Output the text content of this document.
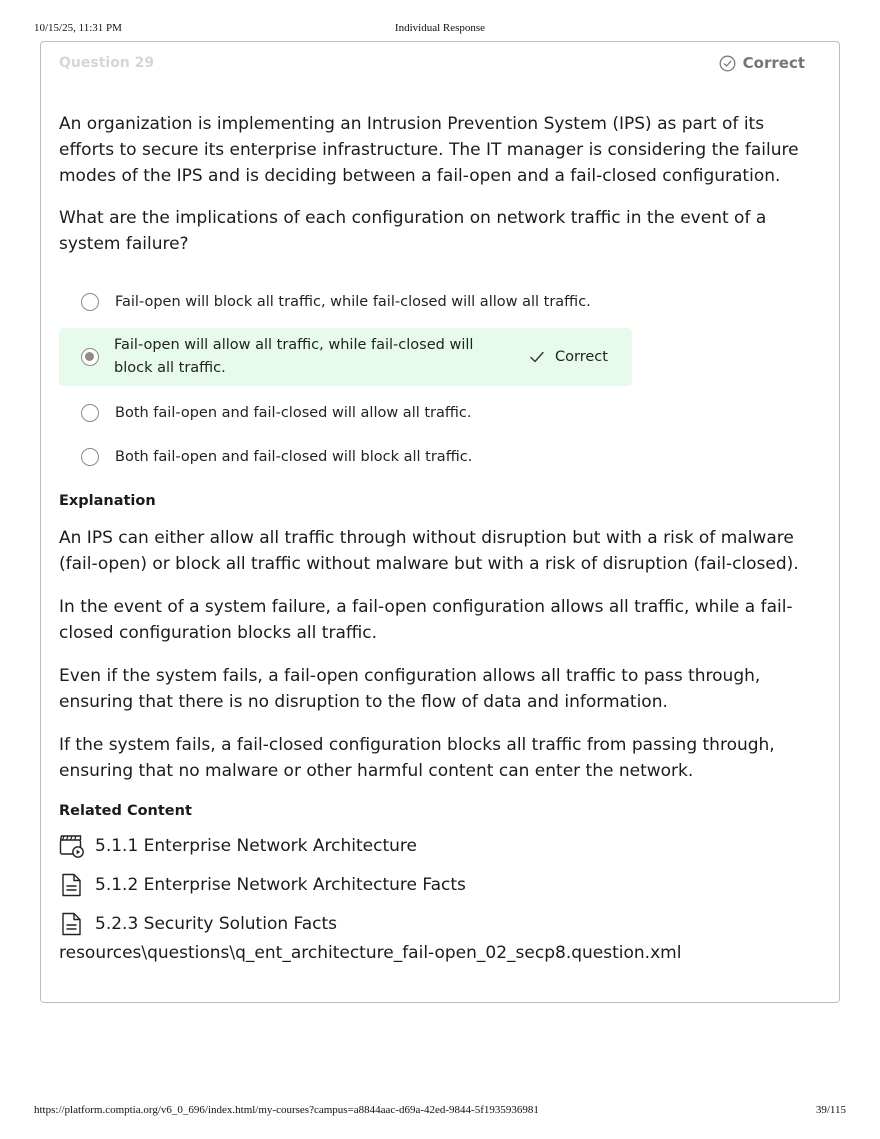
10/15/25, 11:31 PM	Individual Response
Question 29	Correct

An organization is implementing an Intrusion Prevention System (IPS) as part of its efforts to secure its enterprise infrastructure. The IT manager is considering the failure modes of the IPS and is deciding between a fail-open and a fail-closed configuration.

What are the implications of each configuration on network traffic in the event of a system failure?

Fail-open will block all traffic, while fail-closed will allow all traffic.
Fail-open will allow all traffic, while fail-closed will block all traffic.
Correct
Both fail-open and fail-closed will allow all traffic.
Both fail-open and fail-closed will block all traffic.
Explanation

An IPS can either allow all traffic through without disruption but with a risk of malware (fail-open) or block all traffic without malware but with a risk of disruption (fail-closed).

In the event of a system failure, a fail-open configuration allows all traffic, while a fail-closed configuration blocks all traffic.

Even if the system fails, a fail-open configuration allows all traffic to pass through, ensuring that there is no disruption to the flow of data and information.

If the system fails, a fail-closed configuration blocks all traffic from passing through, ensuring that no malware or other harmful content can enter the network.

Related Content
5.1.1 Enterprise Network Architecture
5.1.2 Enterprise Network Architecture Facts
5.2.3 Security Solution Facts
resources\questions\q_ent_architecture_fail-open_02_secp8.question.xml
https://platform.comptia.org/v6_0_696/index.html/my-courses?campus=a8844aac-d69a-42ed-9844-5f1935936981	39/115
